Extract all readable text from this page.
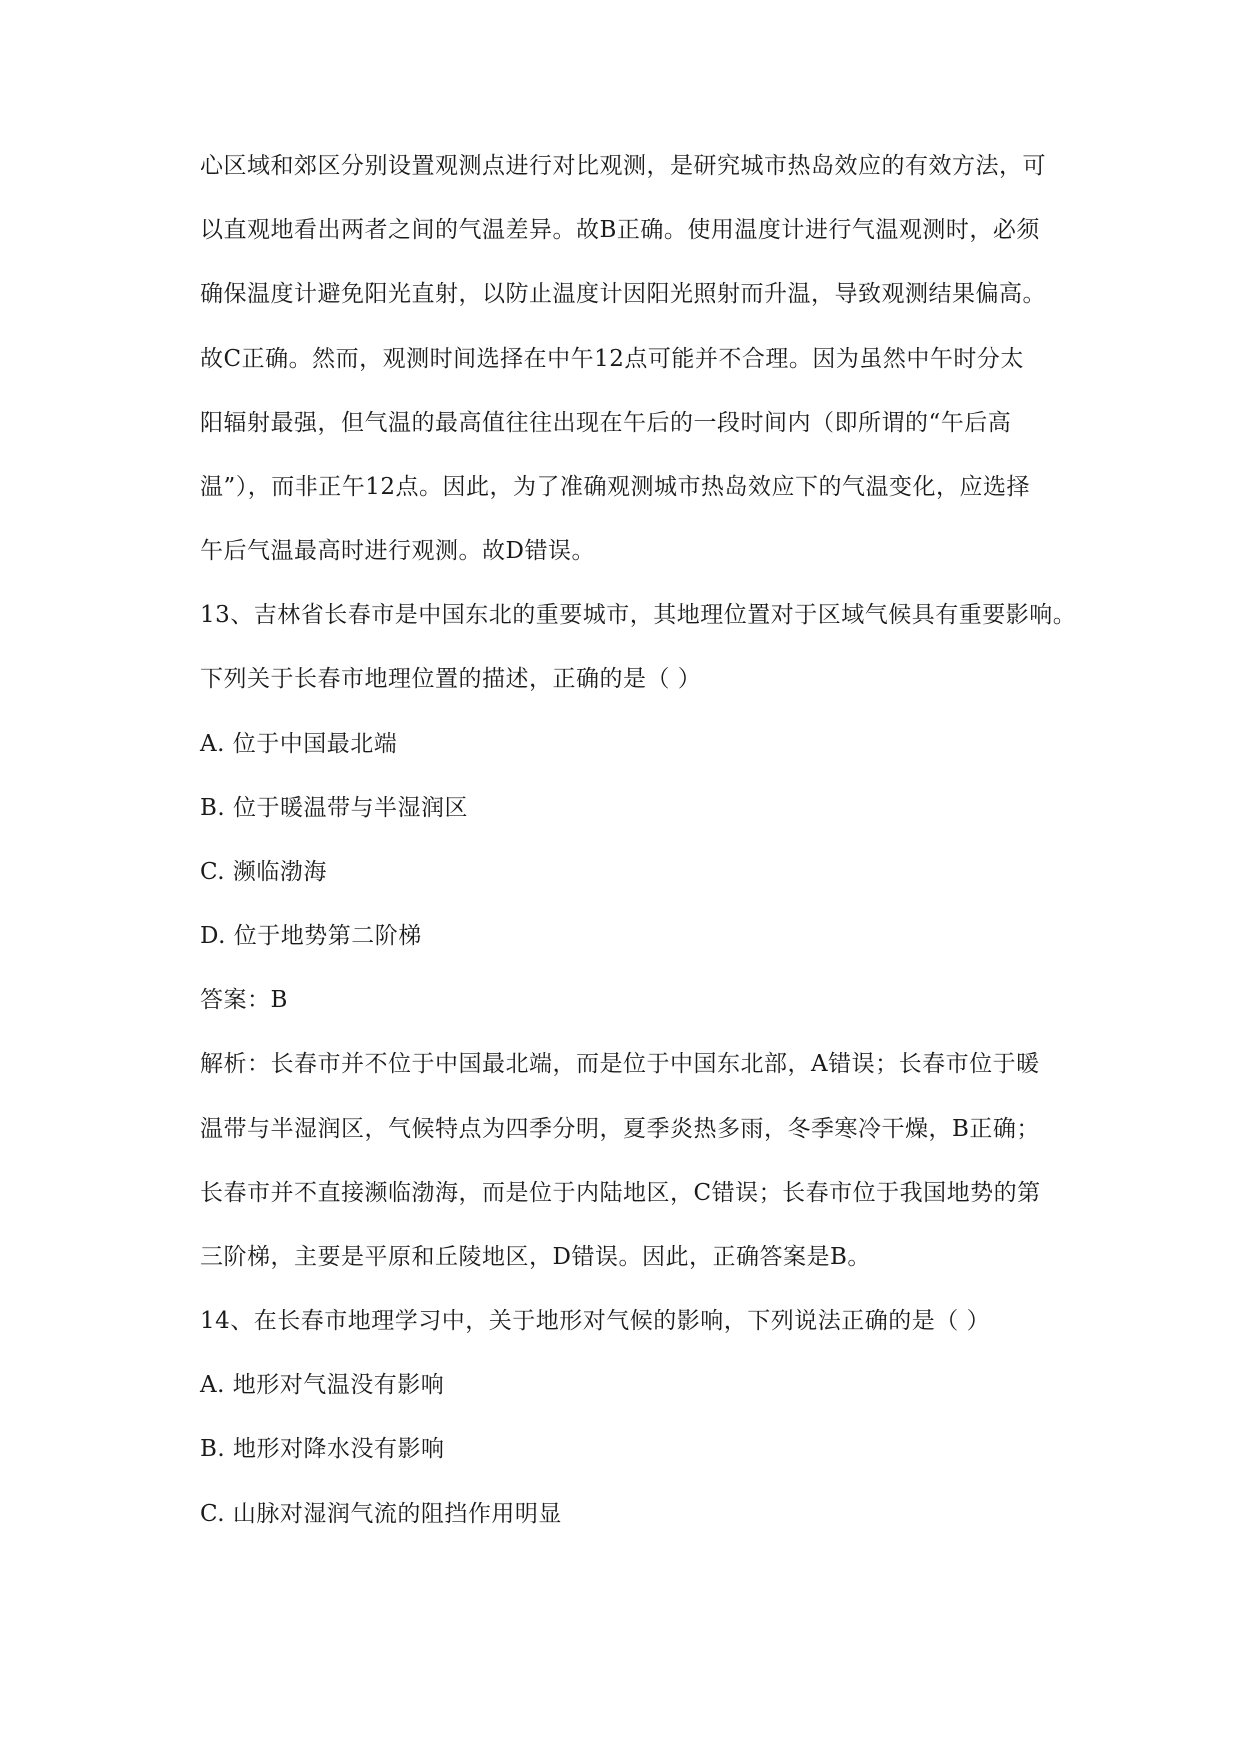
心区域和郊区分别设置观测点进行对比观测，是研究城市热岛效应的有效方法，可
以直观地看出两者之间的气温差异。故B正确。使用温度计进行气温观测时，必须
确保温度计避免阳光直射，以防止温度计因阳光照射而升温，导致观测结果偏高。
故C正确。然而，观测时间选择在中午12点可能并不合理。因为虽然中午时分太
阳辐射最强，但气温的最高值往往出现在午后的一段时间内（即所谓的“午后高
温”），而非正午12点。因此，为了准确观测城市热岛效应下的气温变化，应选择
午后气温最高时进行观测。故D错误。
13、吉林省长春市是中国东北的重要城市，其地理位置对于区域气候具有重要影响。
下列关于长春市地理位置的描述，正确的是（ ）
A. 位于中国最北端
B. 位于暖温带与半湿润区
C. 濒临渤海
D. 位于地势第二阶梯
答案：B
解析：长春市并不位于中国最北端，而是位于中国东北部，A错误；长春市位于暖
温带与半湿润区，气候特点为四季分明，夏季炎热多雨，冬季寒冷干燥，B正确；
长春市并不直接濒临渤海，而是位于内陆地区，C错误；长春市位于我国地势的第
三阶梯，主要是平原和丘陵地区，D错误。因此，正确答案是B。
14、在长春市地理学习中，关于地形对气候的影响，下列说法正确的是（ ）
A. 地形对气温没有影响
B. 地形对降水没有影响
C. 山脉对湿润气流的阻挡作用明显
